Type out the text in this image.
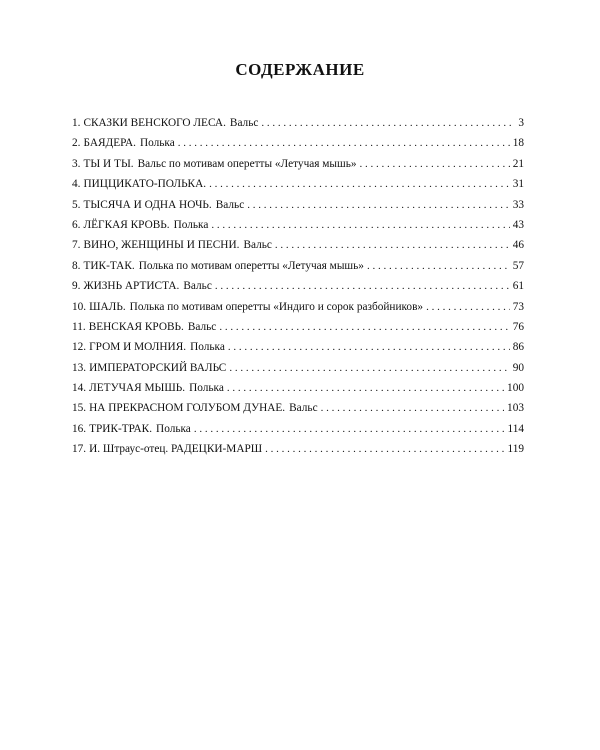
СОДЕРЖАНИЕ
1. СКАЗКИ ВЕНСКОГО ЛЕСА. Вальс . . .	3
2. БАЯДЕРА. Полька . . .	18
3. ТЫ И ТЫ. Вальс по мотивам оперетты «Летучая мышь» . . .	21
4. ПИЦЦИКАТО-ПОЛЬКА. . . .	31
5. ТЫСЯЧА И ОДНА НОЧЬ. Вальс . . .	33
6. ЛЁГКАЯ КРОВЬ. Полька . . .	43
7. ВИНО, ЖЕНЩИНЫ И ПЕСНИ. Вальс . . .	46
8. ТИК-ТАК. Полька по мотивам оперетты «Летучая мышь» . . .	57
9. ЖИЗНЬ АРТИСТА. Вальс . . .	61
10. ШАЛЬ. Полька по мотивам оперетты «Индиго и сорок разбойников» . . .	73
11. ВЕНСКАЯ КРОВЬ. Вальс . . .	76
12. ГРОМ И МОЛНИЯ. Полька . . .	86
13. ИМПЕРАТОРСКИЙ ВАЛЬС . . .	90
14. ЛЕТУЧАЯ МЫШЬ. Полька . . .	100
15. НА ПРЕКРАСНОМ ГОЛУБОМ ДУНАЕ. Вальс . . .	103
16. ТРИК-ТРАК. Полька . . .	114
17. И. Штраус-отец. РАДЕЦКИ-МАРШ . . .	119
